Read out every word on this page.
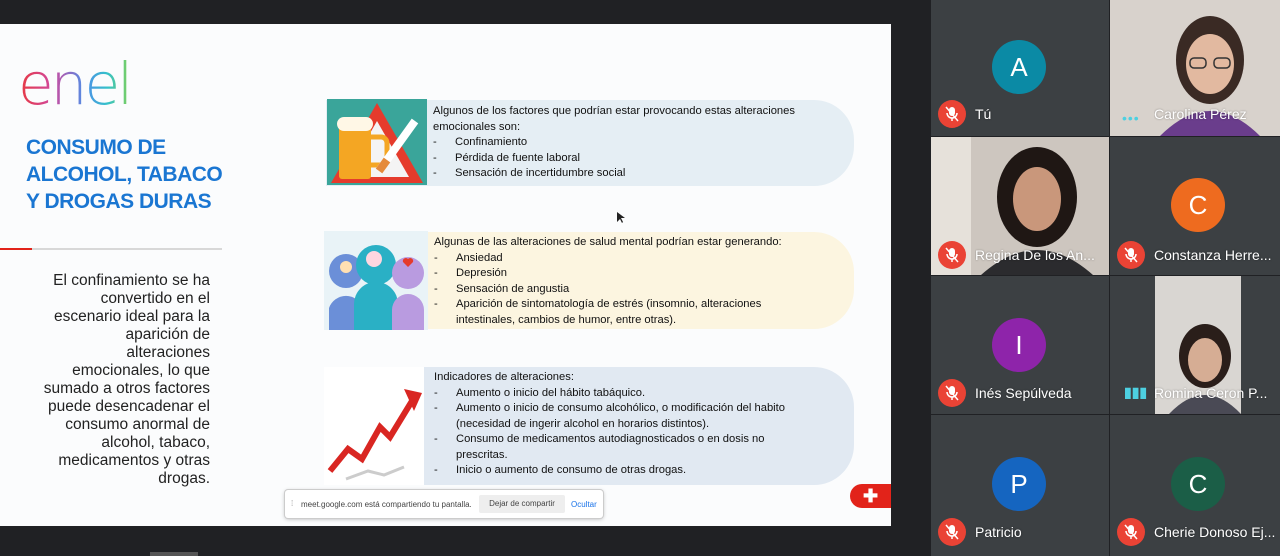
enel
CONSUMO DE ALCOHOL, TABACO Y DROGAS DURAS
El confinamiento se ha convertido en el escenario ideal para la aparición de alteraciones emocionales, lo que sumado a otros factores puede desencadenar el consumo anormal de alcohol, tabaco, medicamentos y otras drogas.

Algunos de los factores que podrían estar provocando estas alteraciones emocionales son:

- Confinamiento
- Pérdida de fuente laboral
- Sensación de incertidumbre social

Algunas de las alteraciones de salud mental podrían estar generando:

- Ansiedad
- Depresión
- Sensación de angustia
- Aparición de sintomatología de estrés (insomnio, alteraciones intestinales, cambios de humor, entre otras).

Indicadores de alteraciones:

- Aumento o inicio del hábito tabáquico.
- Aumento o inicio de consumo alcohólico, o modificación del habito (necesidad de ingerir alcohol en horarios distintos).
- Consumo de medicamentos autodiagnosticados o en dosis no prescritas.
- Inicio o aumento de consumo de otras drogas.
✚
⁞ meet.google.com está compartiendo tu pantalla.	Dejar de compartir	Ocultar
A
Tú	••• Carolina Pérez
Regina De los An...
C
Constanza Herre...
I
Inés Sepúlveda	▮▮▮ Romina Ceron P...
P
Patricio
C
Cherie Donoso Ej...
